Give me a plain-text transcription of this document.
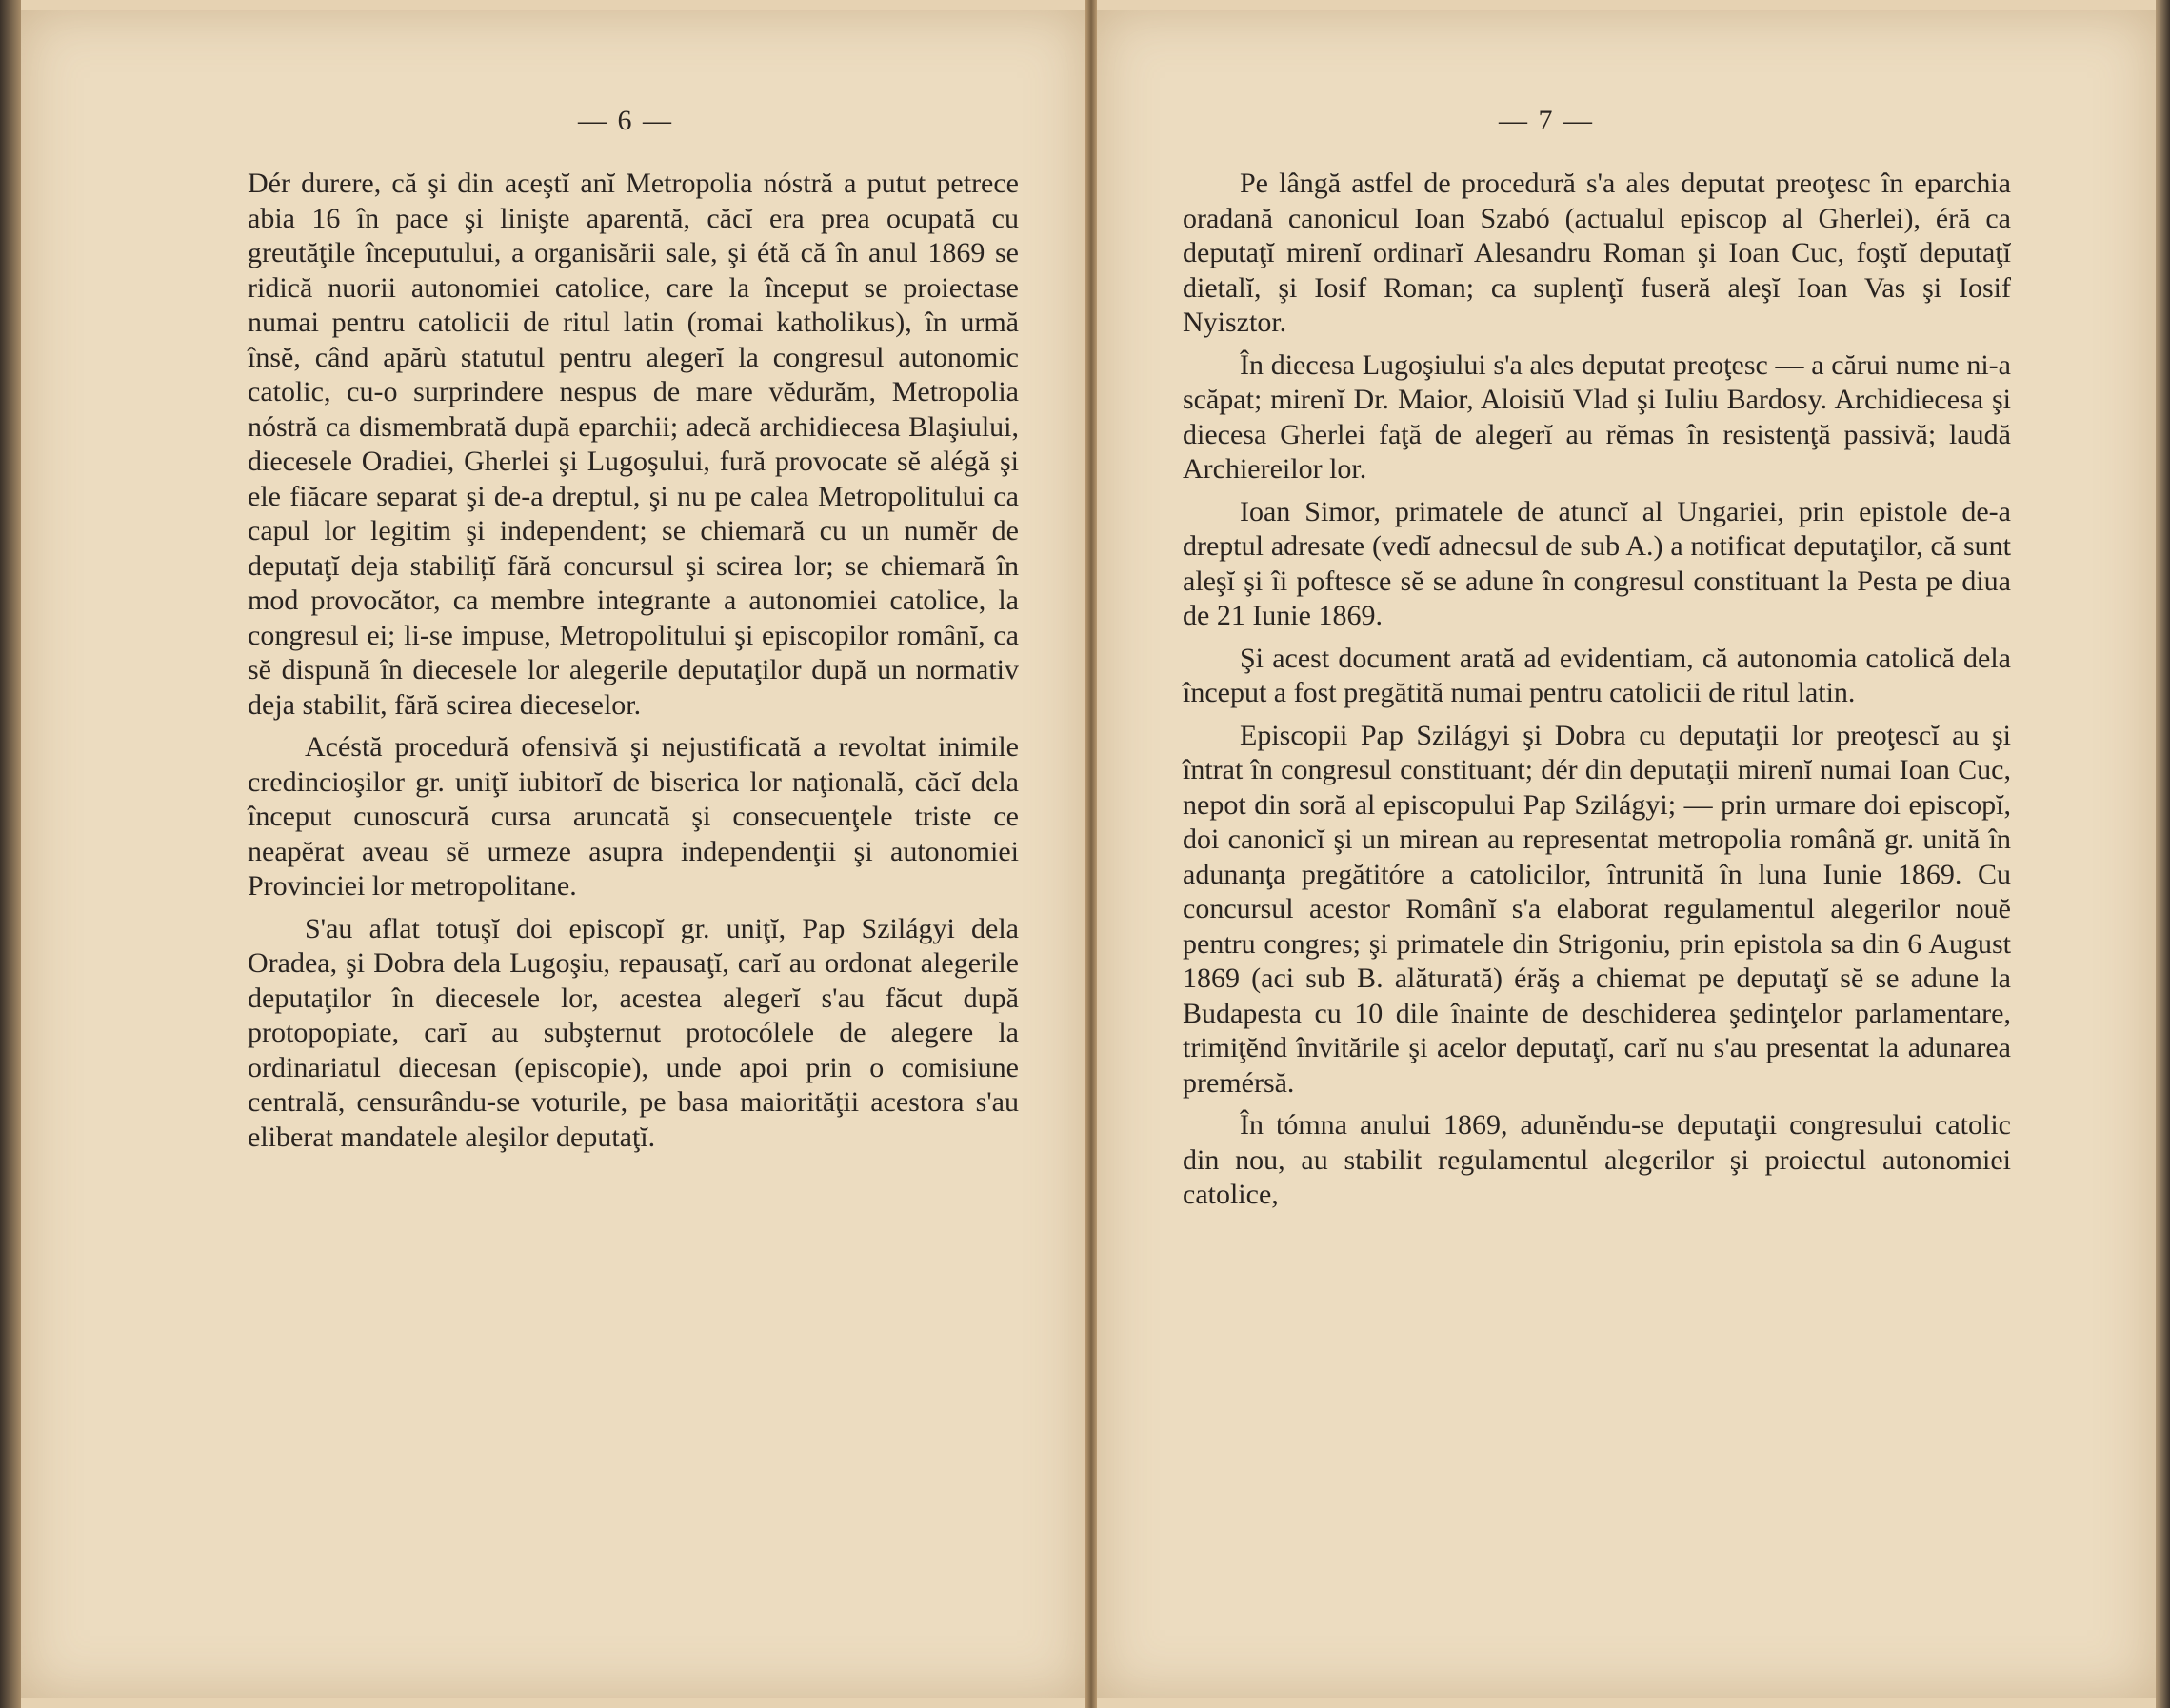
— 6 —

Dér durere, că şi din aceştĭ anĭ Metropolia nóstră a putut petrece abia 16 în pace şi linişte aparentă, căcĭ era prea ocupată cu greutăţile începutului, a organisării sale, şi étă că în anul 1869 se ridică nuorii autonomiei catolice, care la început se proiectase numai pentru catolicii de ritul latin (romai katholikus), în urmă însĕ, când apărù statutul pentru alegerĭ la congresul autonomic catolic, cu-o surprindere nespus de mare vĕdurăm, Metropolia nóstră ca dismembrată după eparchii; adecă archidiecesa Blaşiului, diecesele Oradiei, Gherlei şi Lugoşului, fură provocate sĕ alégă şi ele fiăcare separat şi de-a dreptul, şi nu pe calea Metropolitului ca capul lor legitim şi independent; se chiemară cu un numĕr de deputaţĭ deja stabilițĭ fără concursul şi scirea lor; se chiemară în mod provocător, ca membre integrante a autonomiei catolice, la congresul ei; li-se impuse, Metropolitului şi episcopilor românĭ, ca sĕ dispună în diecesele lor alegerile deputaţilor după un normativ deja stabilit, fără scirea dieceselor.

Acéstă procedură ofensivă şi nejustificată a revoltat inimile credincioşilor gr. uniţĭ iubitorĭ de biserica lor naţională, căcĭ dela început cunoscură cursa aruncată şi consecuenţele triste ce neapĕrat aveau sĕ urmeze asupra independenţii şi autonomiei Provinciei lor metropolitane.

S'au aflat totuşĭ doi episcopĭ gr. uniţĭ, Pap Szilágyi dela Oradea, şi Dobra dela Lugoşiu, repausaţĭ, carĭ au ordonat alegerile deputaţilor în diecesele lor, acestea alegerĭ s'au făcut după protopopiate, carĭ au subşternut protocólele de alegere la ordinariatul diecesan (episcopie), unde apoi prin o comisiune centrală, censurându-se voturile, pe basa maiorităţii acestora s'au eliberat mandatele aleşilor deputaţĭ.

— 7 —

Pe lângă astfel de procedură s'a ales deputat preoţesc în eparchia oradană canonicul Ioan Szabó (actualul episcop al Gherlei), éră ca deputaţĭ mirenĭ ordinarĭ Alesandru Roman şi Ioan Cuc, foştĭ deputaţĭ dietalĭ, şi Iosif Roman; ca suplenţĭ fuseră aleşĭ Ioan Vas şi Iosif Nyisztor.

În diecesa Lugoşiului s'a ales deputat preoţesc — a cărui nume ni-a scăpat; mirenĭ Dr. Maior, Aloisiŭ Vlad şi Iuliu Bardosy. Archidiecesa şi diecesa Gherlei faţă de alegerĭ au rĕmas în resistenţă passivă; laudă Archiereilor lor.

Ioan Simor, primatele de atuncĭ al Ungariei, prin epistole de-a dreptul adresate (vedĭ adnecsul de sub A.) a notificat deputaţilor, că sunt aleşĭ şi îi poftesce sĕ se adune în congresul constituant la Pesta pe diua de 21 Iunie 1869.

Şi acest document arată ad evidentiam, că autonomia catolică dela început a fost pregătită numai pentru catolicii de ritul latin.

Episcopii Pap Szilágyi şi Dobra cu deputaţii lor preoţescĭ au şi întrat în congresul constituant; dér din deputaţii mirenĭ numai Ioan Cuc, nepot din soră al episcopului Pap Szilágyi; — prin urmare doi episcopĭ, doi canonicĭ şi un mirean au representat metropolia română gr. unită în adunanţa pregătitóre a catolicilor, întrunită în luna Iunie 1869. Cu concursul acestor Românĭ s'a elaborat regulamentul alegerilor nouĕ pentru congres; şi primatele din Strigoniu, prin epistola sa din 6 August 1869 (aci sub B. alăturată) érăş a chiemat pe deputaţĭ sĕ se adune la Budapesta cu 10 dile înainte de deschiderea şedinţelor parlamentare, trimiţĕnd învitările şi acelor deputaţĭ, carĭ nu s'au presentat la adunarea premérsă.

În tómna anului 1869, adunĕndu-se deputaţii congresului catolic din nou, au stabilit regulamentul alegerilor şi proiectul autonomiei catolice,
